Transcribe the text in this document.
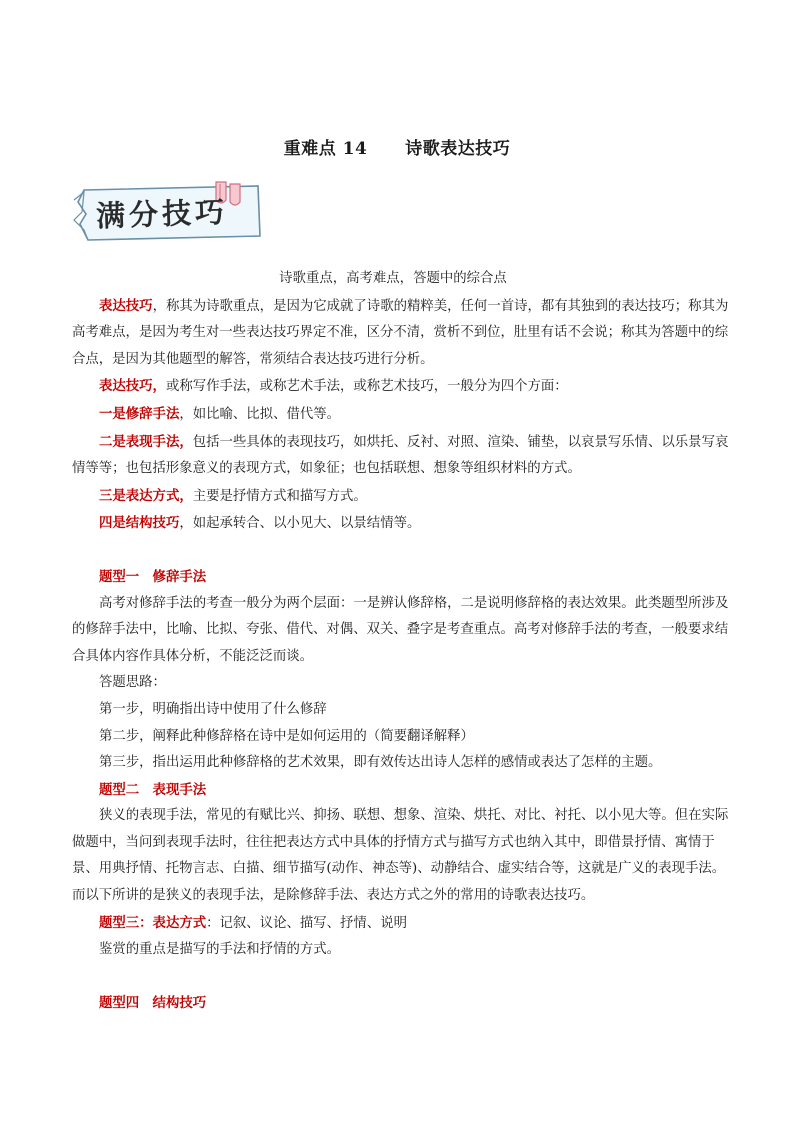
重难点 14 诗歌表达技巧
满分技巧

诗歌重点，高考难点，答题中的综合点

表达技巧，称其为诗歌重点，是因为它成就了诗歌的精粹美，任何一首诗，都有其独到的表达技巧；称其为高考难点，是因为考生对一些表达技巧界定不准，区分不清，赏析不到位，肚里有话不会说；称其为答题中的综合点，是因为其他题型的解答，常须结合表达技巧进行分析。

表达技巧，或称写作手法，或称艺术手法，或称艺术技巧，一般分为四个方面：

一是修辞手法，如比喻、比拟、借代等。

二是表现手法，包括一些具体的表现技巧，如烘托、反衬、对照、渲染、铺垫，以哀景写乐情、以乐景写哀情等等；也包括形象意义的表现方式，如象征；也包括联想、想象等组织材料的方式。

三是表达方式，主要是抒情方式和描写方式。

四是结构技巧，如起承转合、以小见大、以景结情等。

题型一　修辞手法

高考对修辞手法的考查一般分为两个层面：一是辨认修辞格，二是说明修辞格的表达效果。此类题型所涉及的修辞手法中，比喻、比拟、夸张、借代、对偶、双关、叠字是考查重点。高考对修辞手法的考查，一般要求结合具体内容作具体分析，不能泛泛而谈。

答题思路：

第一步，明确指出诗中使用了什么修辞

第二步，阐释此种修辞格在诗中是如何运用的（简要翻译解释）

第三步，指出运用此种修辞格的艺术效果，即有效传达出诗人怎样的感情或表达了怎样的主题。

题型二　表现手法

狭义的表现手法，常见的有赋比兴、抑扬、联想、想象、渲染、烘托、对比、衬托、以小见大等。但在实际做题中，当问到表现手法时，往往把表达方式中具体的抒情方式与描写方式也纳入其中，即借景抒情、寓情于景、用典抒情、托物言志、白描、细节描写(动作、神态等)、动静结合、虚实结合等，这就是广义的表现手法。而以下所讲的是狭义的表现手法，是除修辞手法、表达方式之外的常用的诗歌表达技巧。

题型三：表达方式：记叙、议论、描写、抒情、说明

鉴赏的重点是描写的手法和抒情的方式。

题型四　结构技巧
